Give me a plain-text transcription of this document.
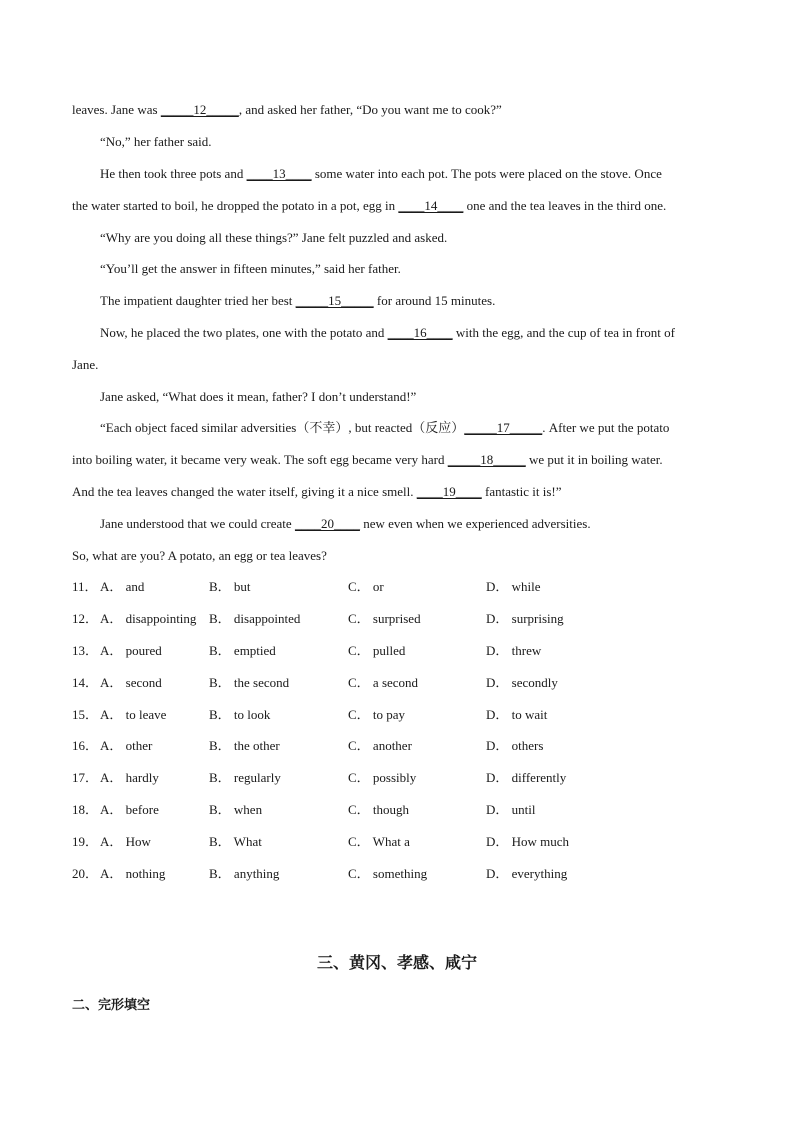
leaves. Jane was _____12_____, and asked her father, “Do you want me to cook?”
“No,” her father said.
He then took three pots and ____13____ some water into each pot. The pots were placed on the stove. Once
the water started to boil, he dropped the potato in a pot, egg in ____14____ one and the tea leaves in the third one.
“Why are you doing all these things?” Jane felt puzzled and asked.
“You’ll get the answer in fifteen minutes,” said her father.
The impatient daughter tried her best _____15_____ for around 15 minutes.
Now, he placed the two plates, one with the potato and ____16____ with the egg, and the cup of tea in front of
Jane.
Jane asked, “What does it mean, father? I don’t understand!”
“Each object faced similar adversities（不幸）, but reacted（反应）_____17_____. After we put the potato
into boiling water, it became very weak. The soft egg became very hard _____18_____ we put it in boiling water.
And the tea leaves changed the water itself, giving it a nice smell. ____19____ fantastic it is!”
Jane understood that we could create ____20____ new even when we experienced adversities.
So, what are you? A potato, an egg or tea leaves?
11． A． and	B． but	C． or	D． while
12． A． disappointing B． disappointed	C． surprised	D． surprising
13． A． poured	B． emptied	C． pulled	D． threw
14． A． second	B． the second	C． a second	D． secondly
15． A． to leave	B． to look	C． to pay	D． to wait
16． A． other	B． the other	C． another	D． others
17． A． hardly	B． regularly	C． possibly	D． differently
18． A． before	B． when	C． though	D． until
19． A． How	B． What	C． What a	D． How much
20． A． nothing	B． anything	C． something	D． everything
三、黄冈、孝感、咸宁
二、完形填空
